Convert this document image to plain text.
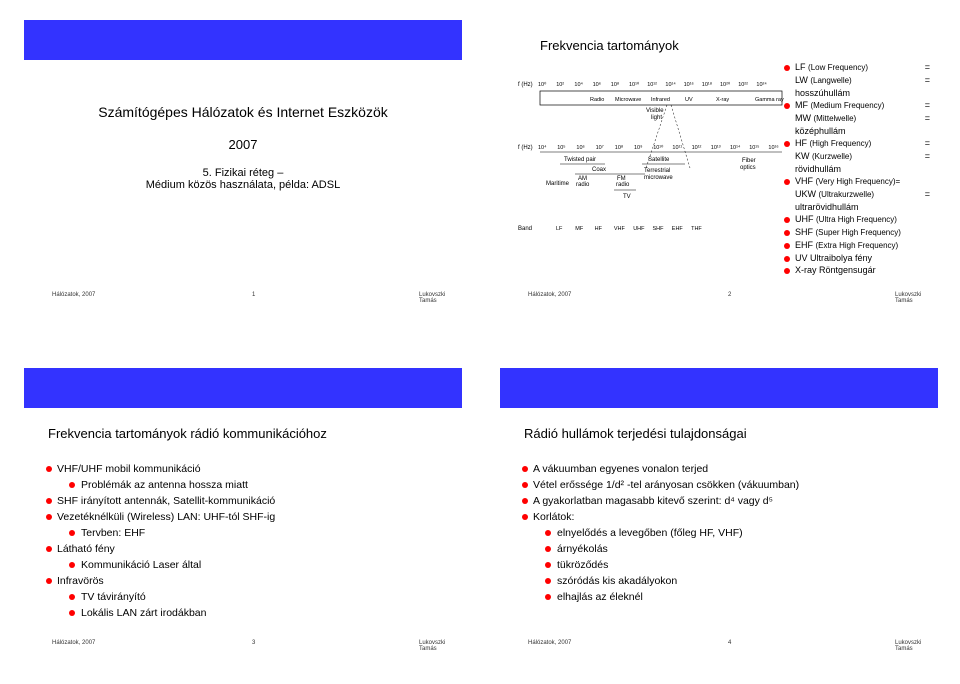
Számítógépes Hálózatok és Internet Eszközök
2007
5. Fizikai réteg –
Médium közös használata, példa: ADSL
Hálózatok, 2007	1	Lukovszki Tamás
Frekvencia tartományok
f (Hz) 10⁰ 10² 10⁴ 10⁶ 10⁸ 10¹⁰ 10¹² 10¹⁴ 10¹⁶ 10¹⁸ 10²⁰ 10²² 10²⁴
Radio Microwave Infrared	UV	X-ray	Gamma ray
Visible
light
f (Hz) 10⁴ 10⁵ 10⁶ 10⁷ 10⁸ 10⁹ 10¹⁰ 10¹¹ 10¹² 10¹³ 10¹⁴ 10¹⁵ 10¹⁶
Twisted pair
Coax
Satellite
Terrestrial
microwave
Fiber
optics
Maritime
AM
radio
FM
radio
TV
Band	LF MF HF VHF UHF SHF EHF THF
LF (Low Frequency)	=
LW (Langwelle)	=
hosszúhullám
MF (Medium Frequency)	=
MW (Mittelwelle)	=
középhullám
HF (High Frequency)	=
KW (Kurzwelle)	=
rövidhullám
VHF (Very High Frequency)=
UKW (Ultrakurzwelle)	=
ultrarövidhullám
UHF (Ultra High Frequency)
SHF (Super High Frequency)
EHF (Extra High Frequency)
UV Ultraibolya fény
X-ray Röntgensugár
Hálózatok, 2007	2	Lukovszki Tamás
Frekvencia tartományok rádió kommunikációhoz
VHF/UHF mobil kommunikáció
Problémák az antenna hossza miatt
SHF irányított antennák, Satellit-kommunikáció
Vezetéknélküli (Wireless) LAN: UHF-tól SHF-ig
Tervben: EHF
Látható fény
Kommunikáció Laser által
Infravörös
TV távirányító
Lokális LAN zárt irodákban
Hálózatok, 2007	3	Lukovszki Tamás
Rádió hullámok terjedési tulajdonságai
A vákuumban egyenes vonalon terjed
Vétel erőssége 1/d² -tel arányosan csökken (vákuumban)
A gyakorlatban magasabb kitevő szerint: d⁴ vagy d⁵
Korlátok:
elnyelődés a levegőben (főleg HF, VHF)
árnyékolás
tükröződés
szóródás kis akadályokon
elhajlás az éleknél
Hálózatok, 2007	4	Lukovszki Tamás
